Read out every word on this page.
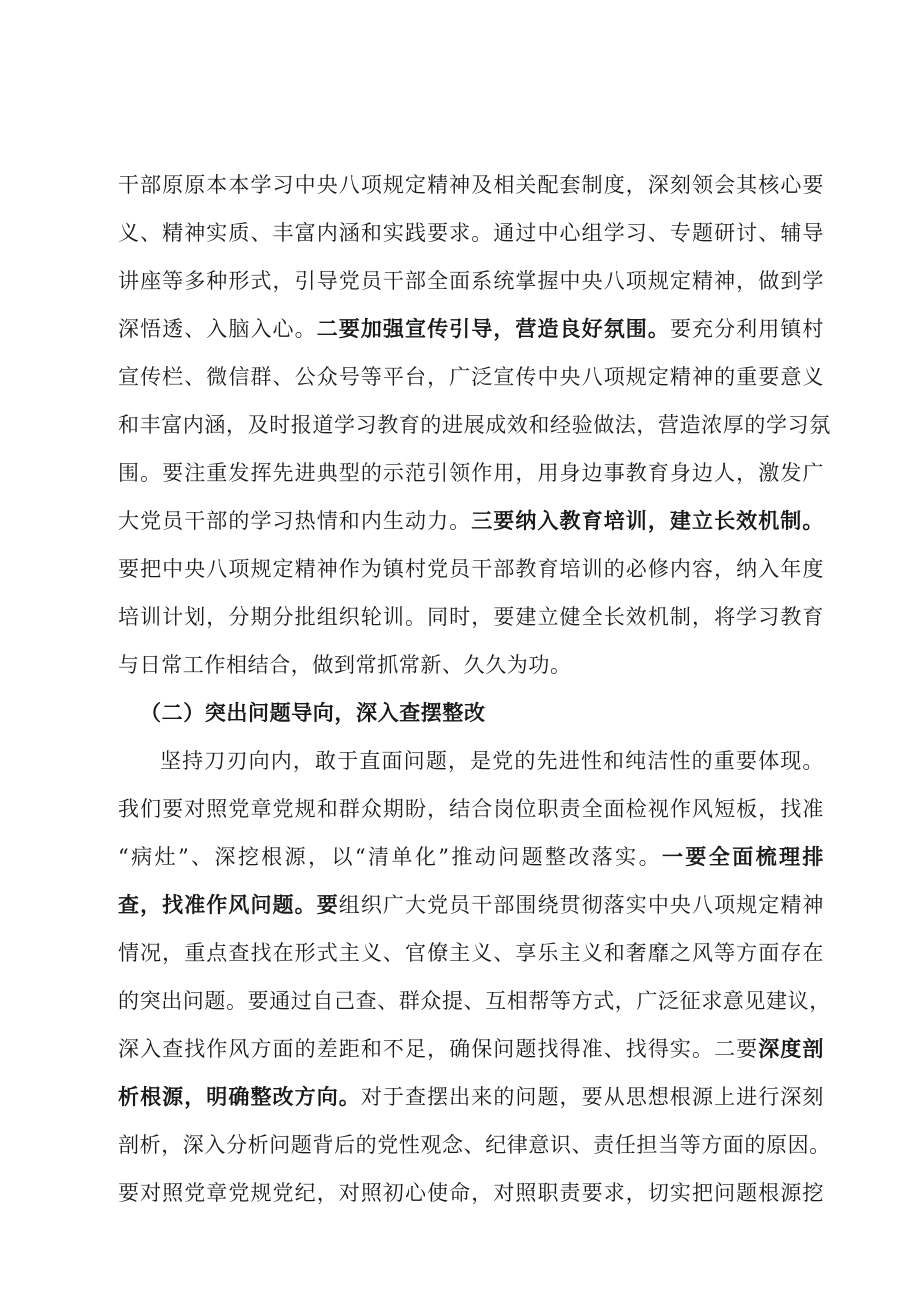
干部原原本本学习中央八项规定精神及相关配套制度，深刻领会其核心要
义、精神实质、丰富内涵和实践要求。通过中心组学习、专题研讨、辅导
讲座等多种形式，引导党员干部全面系统掌握中央八项规定精神，做到学
深悟透、入脑入心。二要加强宣传引导，营造良好氛围。要充分利用镇村
宣传栏、微信群、公众号等平台，广泛宣传中央八项规定精神的重要意义
和丰富内涵，及时报道学习教育的进展成效和经验做法，营造浓厚的学习氛
围。要注重发挥先进典型的示范引领作用，用身边事教育身边人，激发广
大党员干部的学习热情和内生动力。三要纳入教育培训，建立长效机制。
要把中央八项规定精神作为镇村党员干部教育培训的必修内容，纳入年度
培训计划，分期分批组织轮训。同时，要建立健全长效机制，将学习教育
与日常工作相结合，做到常抓常新、久久为功。
（二）突出问题导向，深入查摆整改
坚持刀刃向内，敢于直面问题，是党的先进性和纯洁性的重要体现。
我们要对照党章党规和群众期盼，结合岗位职责全面检视作风短板，找准
“病灶”、深挖根源，以“清单化”推动问题整改落实。一要全面梳理排
查，找准作风问题。要组织广大党员干部围绕贯彻落实中央八项规定精神
情况，重点查找在形式主义、官僚主义、享乐主义和奢靡之风等方面存在
的突出问题。要通过自己查、群众提、互相帮等方式，广泛征求意见建议，
深入查找作风方面的差距和不足，确保问题找得准、找得实。二要深度剖
析根源，明确整改方向。对于查摆出来的问题，要从思想根源上进行深刻
剖析，深入分析问题背后的党性观念、纪律意识、责任担当等方面的原因。
要对照党章党规党纪，对照初心使命，对照职责要求，切实把问题根源挖
